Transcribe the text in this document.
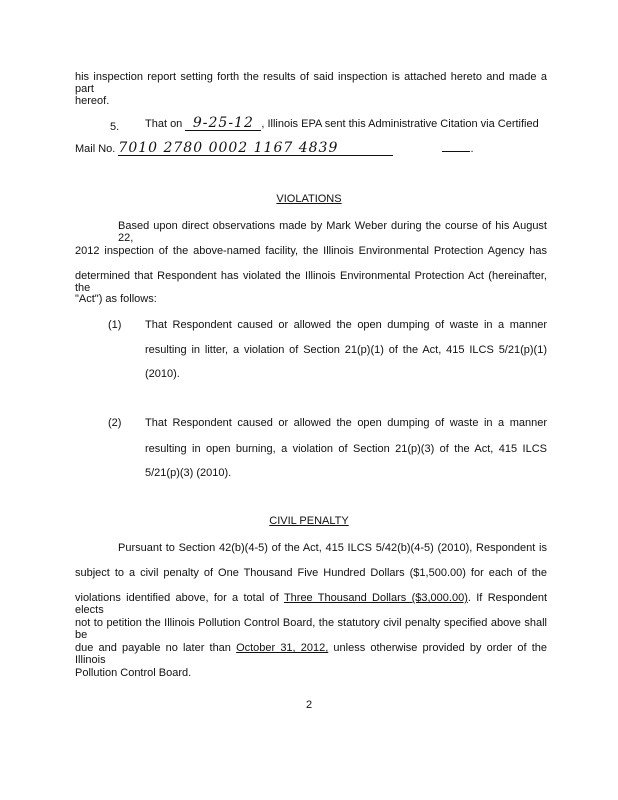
his inspection report setting forth the results of said inspection is attached hereto and made a part
hereof.
5. That on 9-25-12 , Illinois EPA sent this Administrative Citation via Certified
Mail No. 7010 2780 0002 1167 4839	.
VIOLATIONS
Based upon direct observations made by Mark Weber during the course of his August 22,
2012 inspection of the above-named facility, the Illinois Environmental Protection Agency has
determined that Respondent has violated the Illinois Environmental Protection Act (hereinafter, the
"Act") as follows:
(1) That Respondent caused or allowed the open dumping of waste in a manner
resulting in litter, a violation of Section 21(p)(1) of the Act, 415 ILCS 5/21(p)(1)
(2010).
(2) That Respondent caused or allowed the open dumping of waste in a manner
resulting in open burning, a violation of Section 21(p)(3) of the Act, 415 ILCS
5/21(p)(3) (2010).
CIVIL PENALTY
Pursuant to Section 42(b)(4-5) of the Act, 415 ILCS 5/42(b)(4-5) (2010), Respondent is
subject to a civil penalty of One Thousand Five Hundred Dollars ($1,500.00) for each of the
violations identified above, for a total of Three Thousand Dollars ($3,000.00). If Respondent elects
not to petition the Illinois Pollution Control Board, the statutory civil penalty specified above shall be
due and payable no later than October 31, 2012, unless otherwise provided by order of the Illinois
Pollution Control Board.
2
